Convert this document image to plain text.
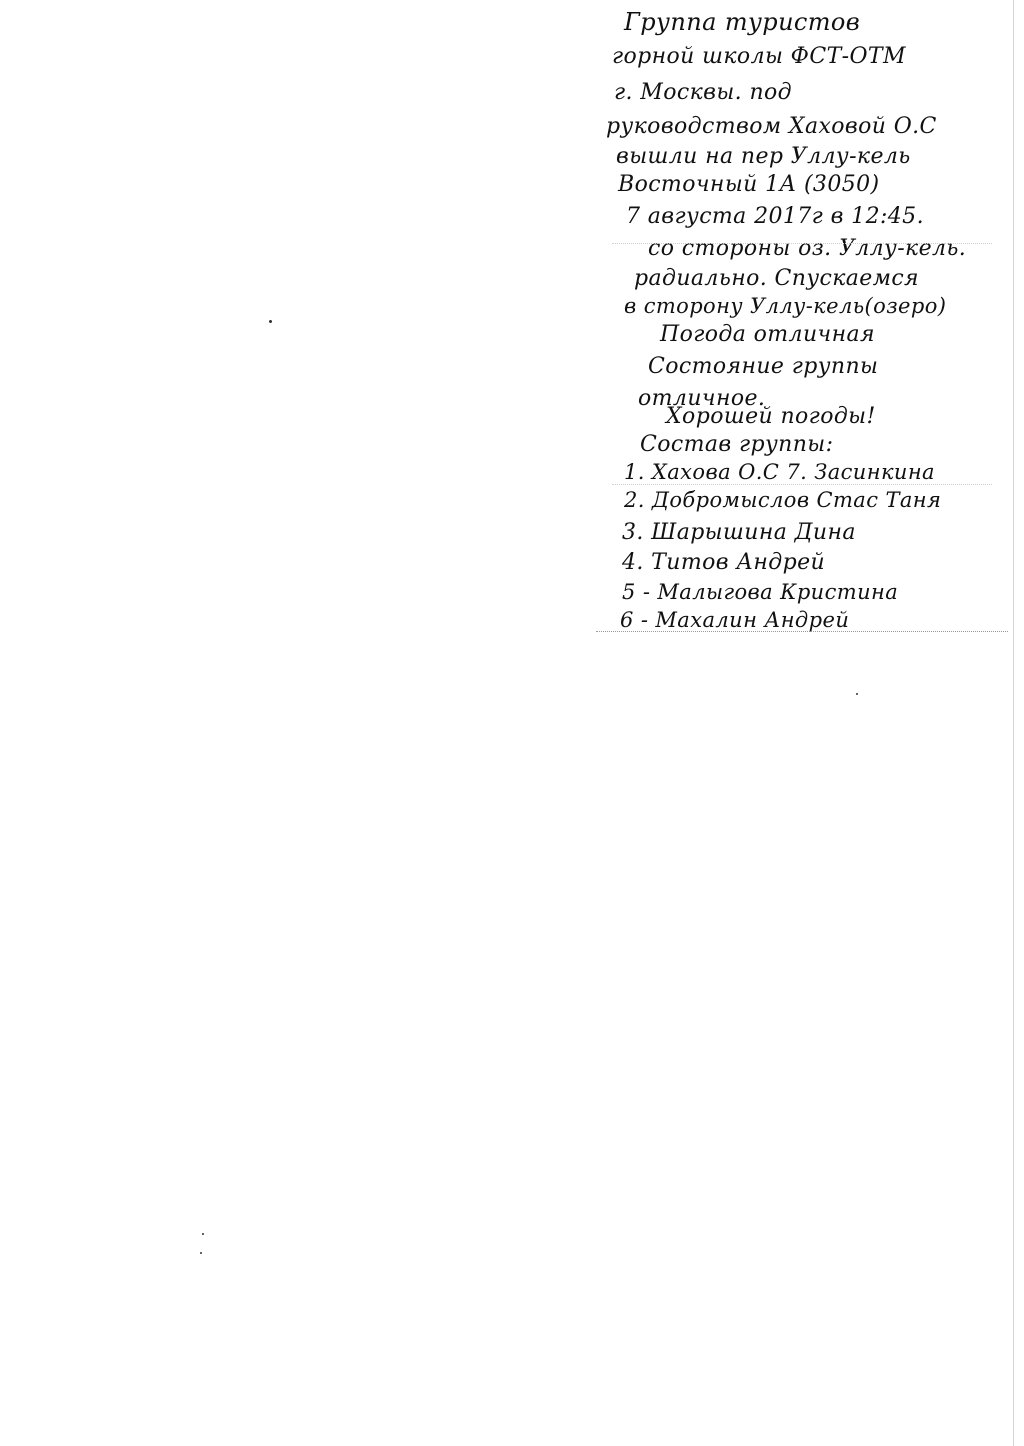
Группа туристов
горной школы ФСТ-ОТМ
г. Москвы. под
руководством Хаховой О.С
вышли на пер Уллу-кель
Восточный 1А (3050)
7 августа 2017г в 12:45.
со стороны оз. Уллу-кель.
радиально. Спускаемся
в сторону Уллу-кель(озеро)
Погода отличная
Состояние группы
отличное.
Хорошей погоды!
Состав группы:
1. Хахова О.С 7. Засинкина
2. Добромыслов Стас Таня
3. Шарышина Дина
4. Титов Андрей
5 - Малыгова Кристина
6 - Махалин Андрей
